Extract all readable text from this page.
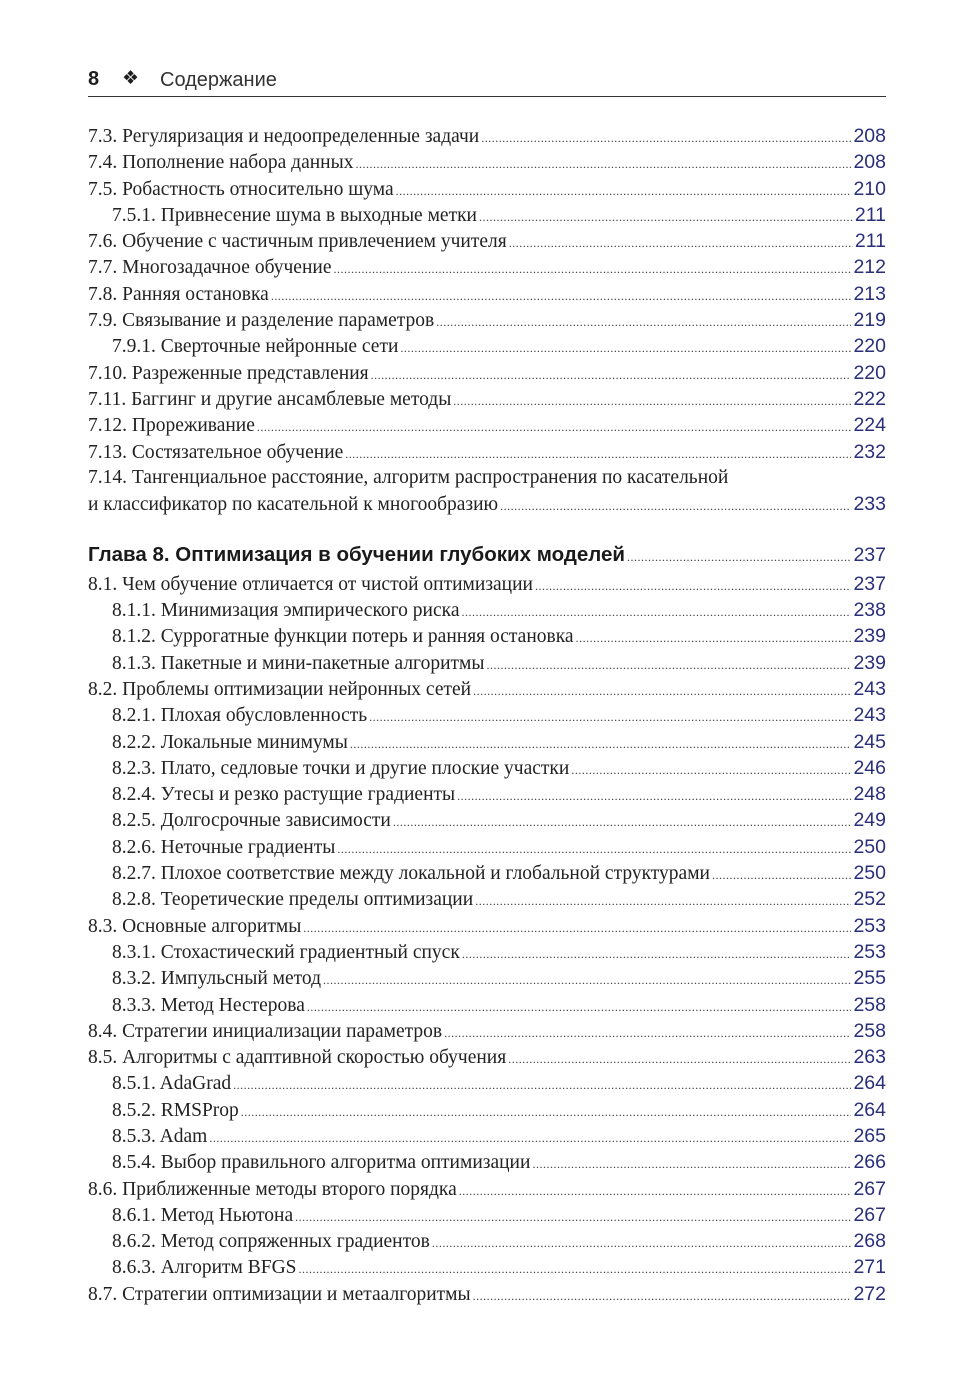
8 ❖ Содержание
7.3. Регуляризация и недоопределенные задачи .....	208
7.4. Пополнение набора данных .....	208
7.5. Робастность относительно шума .....	210
7.5.1. Привнесение шума в выходные метки .....	211
7.6. Обучение с частичным привлечением учителя .....	211
7.7. Многозадачное обучение .....	212
7.8. Ранняя остановка .....	213
7.9. Связывание и разделение параметров .....	219
7.9.1. Сверточные нейронные сети .....	220
7.10. Разреженные представления .....	220
7.11. Баггинг и другие ансамблевые методы .....	222
7.12. Прореживание .....	224
7.13. Состязательное обучение .....	232
7.14. Тангенциальное расстояние, алгоритм распространения по касательной
и классификатор по касательной к многообразию .....	233
Глава 8. Оптимизация в обучении глубоких моделей .....	237
8.1. Чем обучение отличается от чистой оптимизации .....	237
8.1.1. Минимизация эмпирического риска .....	238
8.1.2. Суррогатные функции потерь и ранняя остановка .....	239
8.1.3. Пакетные и мини-пакетные алгоритмы .....	239
8.2. Проблемы оптимизации нейронных сетей .....	243
8.2.1. Плохая обусловленность .....	243
8.2.2. Локальные минимумы .....	245
8.2.3. Плато, седловые точки и другие плоские участки .....	246
8.2.4. Утесы и резко растущие градиенты .....	248
8.2.5. Долгосрочные зависимости .....	249
8.2.6. Неточные градиенты .....	250
8.2.7. Плохое соответствие между локальной и глобальной структурами .....	250
8.2.8. Теоретические пределы оптимизации .....	252
8.3. Основные алгоритмы .....	253
8.3.1. Стохастический градиентный спуск .....	253
8.3.2. Импульсный метод .....	255
8.3.3. Метод Нестерова .....	258
8.4. Стратегии инициализации параметров .....	258
8.5. Алгоритмы с адаптивной скоростью обучения .....	263
8.5.1. AdaGrad .....	264
8.5.2. RMSProp .....	264
8.5.3. Adam .....	265
8.5.4. Выбор правильного алгоритма оптимизации .....	266
8.6. Приближенные методы второго порядка .....	267
8.6.1. Метод Ньютона .....	267
8.6.2. Метод сопряженных градиентов .....	268
8.6.3. Алгоритм BFGS .....	271
8.7. Стратегии оптимизации и метаалгоритмы .....	272
